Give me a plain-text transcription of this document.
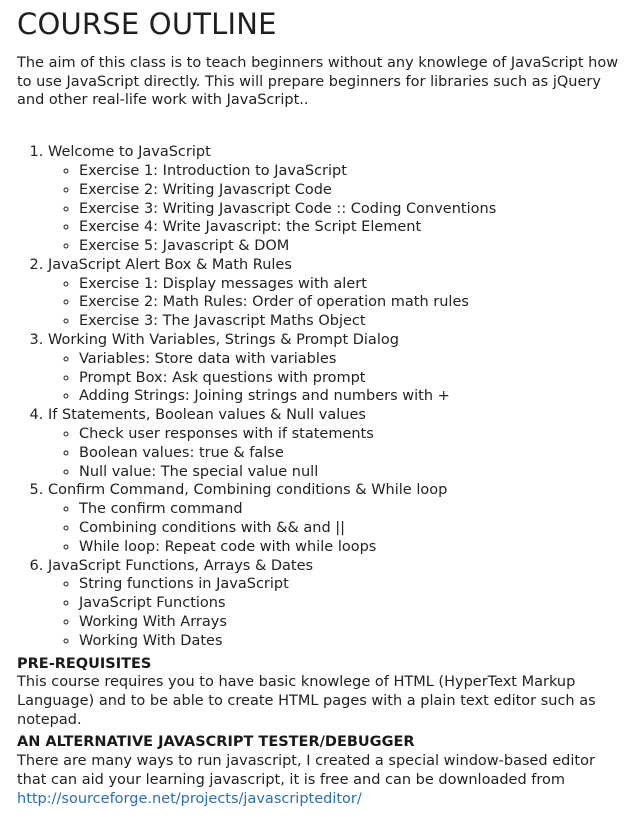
COURSE OUTLINE

The aim of this class is to teach beginners without any knowlege of JavaScript how to use JavaScript directly. This will prepare beginners for libraries such as jQuery and other real-life work with JavaScript..

1. Welcome to JavaScript
◦ Exercise 1: Introduction to JavaScript
◦ Exercise 2: Writing Javascript Code
◦ Exercise 3: Writing Javascript Code :: Coding Conventions
◦ Exercise 4: Write Javascript: the Script Element
◦ Exercise 5: Javascript & DOM
2. JavaScript Alert Box & Math Rules
◦ Exercise 1: Display messages with alert
◦ Exercise 2: Math Rules: Order of operation math rules
◦ Exercise 3: The Javascript Maths Object
3. Working With Variables, Strings & Prompt Dialog
◦ Variables: Store data with variables
◦ Prompt Box: Ask questions with prompt
◦ Adding Strings: Joining strings and numbers with +
4. If Statements, Boolean values & Null values
◦ Check user responses with if statements
◦ Boolean values: true & false
◦ Null value: The special value null
5. Confirm Command, Combining conditions & While loop
◦ The confirm command
◦ Combining conditions with && and ||
◦ While loop: Repeat code with while loops
6. JavaScript Functions, Arrays & Dates
◦ String functions in JavaScript
◦ JavaScript Functions
◦ Working With Arrays
◦ Working With Dates
PRE-REQUISITES

This course requires you to have basic knowlege of HTML (HyperText Markup Language) and to be able to create HTML pages with a plain text editor such as notepad.

AN ALTERNATIVE JAVASCRIPT TESTER/DEBUGGER

There are many ways to run javascript, I created a special window-based editor that can aid your learning javascript, it is free and can be downloaded from
http://sourceforge.net/projects/javascripteditor/
